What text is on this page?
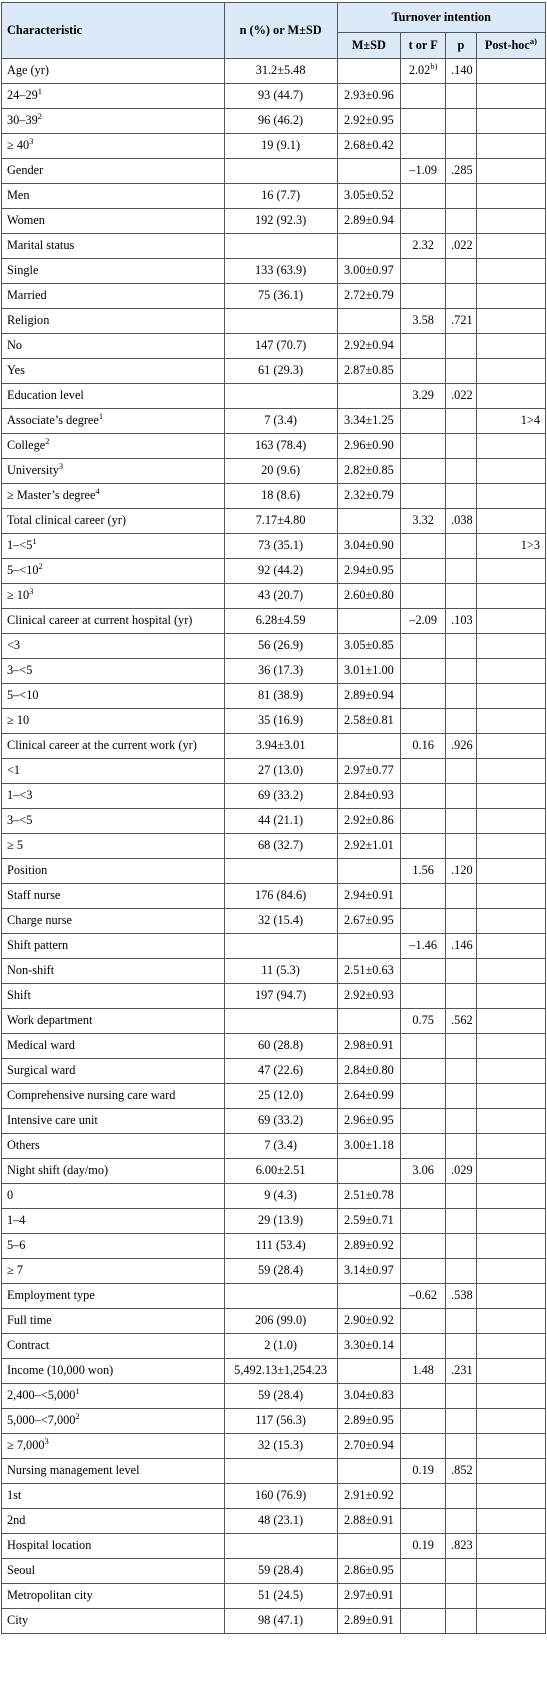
Characteristic	n (%) or M±SD	Turnover intention			
		M±SD	t or F	p	Post-hoc$^{a)}$
Age (yr)	31.2±5.48		2.02$^{b)}$	.140	
$24-29^1$	93 (44.7)	2.93±0.96			
$30-39^2$	96 (46.2)	2.92±0.95			
≥ $40^3$	19 (9.1)	2.68±0.42			
Gender			–1.09	.285	
Men	16 (7.7)	3.05±0.52			
Women	192 (92.3)	2.89±0.94			
Marital status			2.32	.022	
Single	133 (63.9)	3.00±0.97			
Married	75 (36.1)	2.72±0.79			
Religion			3.58	.721	
No	147 (70.7)	2.92±0.94			
Yes	61 (29.3)	2.87±0.85			
Education level			3.29	.022	
Associate’s degree$^1$	7 (3.4)	3.34±1.25			1>4
College$^2$	163 (78.4)	2.96±0.90			
University$^3$	20 (9.6)	2.82±0.85			
≥ Master’s degree$^4$	18 (8.6)	2.32±0.79			
Total clinical career (yr)	7.17±4.80		3.32	.038	
$1-<5^1$	73 (35.1)	3.04±0.90			1>3
$5-<10^2$	92 (44.2)	2.94±0.95			
≥ $10^3$	43 (20.7)	2.60±0.80			
Clinical career at current hospital (yr)	6.28±4.59		–2.09	.103	
<3	56 (26.9)	3.05±0.85			
3–<5	36 (17.3)	3.01±1.00			
5–<10	81 (38.9)	2.89±0.94			
≥ 10	35 (16.9)	2.58±0.81			
Clinical career at the current work (yr)	3.94±3.01		0.16	.926	
<1	27 (13.0)	2.97±0.77			
1–<3	69 (33.2)	2.84±0.93			
3–<5	44 (21.1)	2.92±0.86			
≥ 5	68 (32.7)	2.92±1.01			
Position			1.56	.120	
Staff nurse	176 (84.6)	2.94±0.91			
Charge nurse	32 (15.4)	2.67±0.95			
Shift pattern			–1.46	.146	
Non-shift	11 (5.3)	2.51±0.63			
Shift	197 (94.7)	2.92±0.93			
Work department			0.75	.562	
Medical ward	60 (28.8)	2.98±0.91			
Surgical ward	47 (22.6)	2.84±0.80			
Comprehensive nursing care ward	25 (12.0)	2.64±0.99			
Intensive care unit	69 (33.2)	2.96±0.95			
Others	7 (3.4)	3.00±1.18			
Night shift (day/mo)	6.00±2.51		3.06	.029	
0	9 (4.3)	2.51±0.78			
1–4	29 (13.9)	2.59±0.71			
5–6	111 (53.4)	2.89±0.92			
≥ 7	59 (28.4)	3.14±0.97			
Employment type			–0.62	.538	
Full time	206 (99.0)	2.90±0.92			
Contract	2 (1.0)	3.30±0.14			
Income (10,000 won)	5,492.13±1,254.23		1.48	.231	
$2,400-<5,000^1$	59 (28.4)	3.04±0.83			
$5,000-<7,000^2$	117 (56.3)	2.89±0.95			
≥ $7,000^3$	32 (15.3)	2.70±0.94			
Nursing management level			0.19	.852	
1st	160 (76.9)	2.91±0.92			
2nd	48 (23.1)	2.88±0.91			
Hospital location			0.19	.823	
Seoul	59 (28.4)	2.86±0.95			
Metropolitan city	51 (24.5)	2.97±0.91			
City	98 (47.1)	2.89±0.91			
